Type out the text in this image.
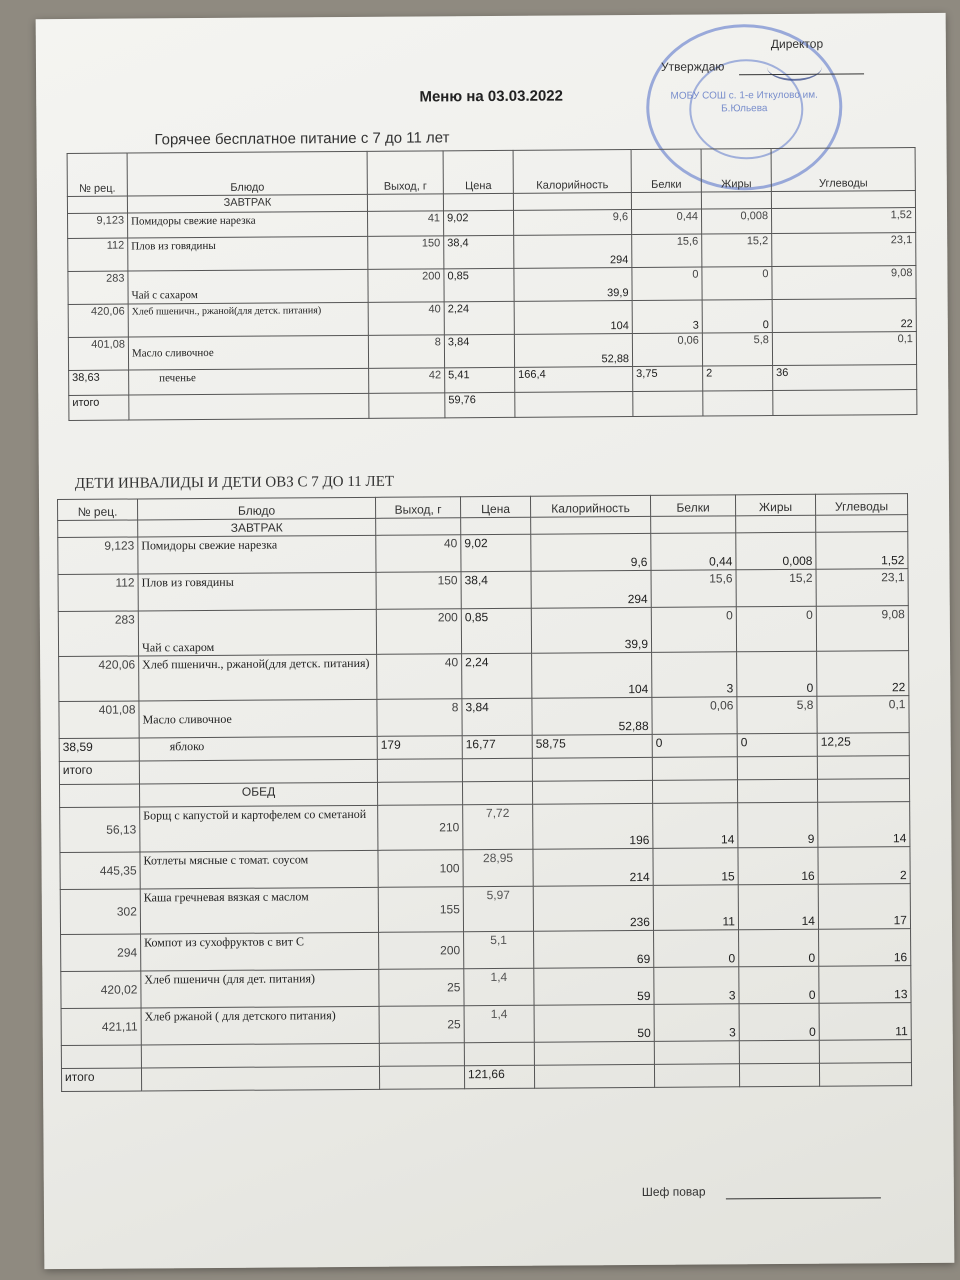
МОБУ СОШ с. 1-е Иткулово им. Б.Юльева
Директор
Утверждаю
Меню на 03.03.2022
Горячее бесплатное питание с 7 до 11 лет
№ рец.	Блюдо	Выход, г	Цена	Калорийность	Белки	Жиры	Углеводы
	ЗАВТРАК						
9,123	Помидоры свежие нарезка	41	9,02	9,6	0,44	0,008	1,52
112	Плов из говядины	150	38,4	294	15,6	15,2	23,1
283	Чай с сахаром	200	0,85	39,9	0	0	9,08
420,06	Хлеб пшеничн., ржаной(для детск. питания)	40	2,24	104	3	0	22
401,08	Масло сливочное	8	3,84	52,88	0,06	5,8	0,1
38,63	печенье	42	5,41	166,4	3,75	2	36
итого			59,76				
ДЕТИ ИНВАЛИДЫ И ДЕТИ ОВЗ С 7 ДО 11 ЛЕТ
№ рец.	Блюдо	Выход, г	Цена	Калорийность	Белки	Жиры	Углеводы
	ЗАВТРАК						
9,123	Помидоры свежие нарезка	40	9,02	9,6	0,44	0,008	1,52
112	Плов из говядины	150	38,4	294	15,6	15,2	23,1
283	Чай с сахаром	200	0,85	39,9	0	0	9,08
420,06	Хлеб пшеничн., ржаной(для детск. питания)	40	2,24	104	3	0	22
401,08	Масло сливочное	8	3,84	52,88	0,06	5,8	0,1
38,59	яблоко	179	16,77	58,75	0	0	12,25
итого							
	ОБЕД						
56,13	Борщ с капустой и картофелем со сметаной	210	7,72	196	14	9	14
445,35	Котлеты мясные с томат. соусом	100	28,95	214	15	16	2
302	Каша гречневая вязкая с маслом	155	5,97	236	11	14	17
294	Компот из сухофруктов с вит С	200	5,1	69	0	0	16
420,02	Хлеб пшеничн (для дет. питания)	25	1,4	59	3	0	13
421,11	Хлеб ржаной ( для детского питания)	25	1,4	50	3	0	11

итого			121,66				
Шеф повар
